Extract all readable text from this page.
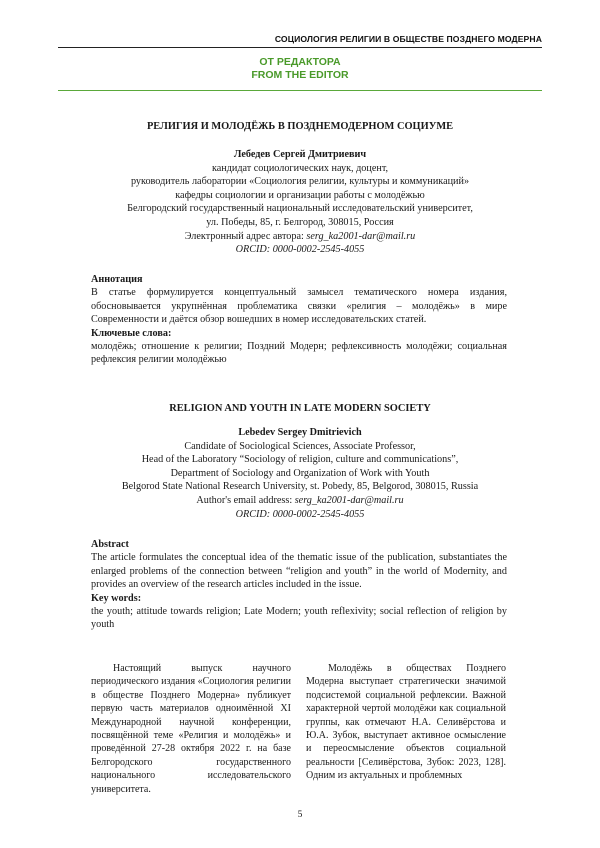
СОЦИОЛОГИЯ РЕЛИГИИ В ОБЩЕСТВЕ ПОЗДНЕГО МОДЕРНА
ОТ РЕДАКТОРА
FROM THE EDITOR
РЕЛИГИЯ И МОЛОДЁЖЬ В ПОЗДНЕМОДЕРНОМ СОЦИУМЕ
Лебедев Сергей Дмитриевич
кандидат социологических наук, доцент,
руководитель лаборатории «Социология религии, культуры и коммуникаций»
кафедры социологии и организации работы с молодёжью
Белгородский государственный национальный исследовательский университет,
ул. Победы, 85, г. Белгород, 308015, Россия
Электронный адрес автора: serg_ka2001-dar@mail.ru
ORCID: 0000-0002-2545-4055
Аннотация
В статье формулируется концептуальный замысел тематического номера издания, обосновывается укрупнённая проблематика связки «религия – молодёжь» в мире Современности и даётся обзор вошедших в номер исследовательских статей.
Ключевые слова:
молодёжь; отношение к религии; Поздний Модерн; рефлексивность молодёжи; социальная рефлексия религии молодёжью
RELIGION AND YOUTH IN LATE MODERN SOCIETY
Lebedev Sergey Dmitrievich
Candidate of Sociological Sciences, Associate Professor,
Head of the Laboratory “Sociology of religion, culture and communications”,
Department of Sociology and Organization of Work with Youth
Belgorod State National Research University, st. Pobedy, 85, Belgorod, 308015, Russia
Author's email address: serg_ka2001-dar@mail.ru
ORCID: 0000-0002-2545-4055
Abstract
The article formulates the conceptual idea of the thematic issue of the publication, substantiates the enlarged problems of the connection between “religion and youth” in the world of Modernity, and provides an overview of the research articles included in the issue.
Key words:
the youth; attitude towards religion; Late Modern; youth reflexivity; social reflection of religion by youth

Настоящий выпуск научного периодического издания «Социология религии в обществе Позднего Модерна» публикует первую часть материалов одноимённой XI Международной научной конференции, посвящённой теме «Религия и молодёжь» и проведённой 27-28 октября 2022 г. на базе Белгородского государственного национального исследовательского университета.

Молодёжь в обществах Позднего Модерна выступает стратегически значимой подсистемой социальной рефлексии. Важной характерной чертой молодёжи как социальной группы, как отмечают Н.А. Селивёрстова и Ю.А. Зубок, выступает активное осмысление и переосмысление объектов социальной реальности [Селивёрстова, Зубок: 2023, 128]. Одним из актуальных и проблемных

5
